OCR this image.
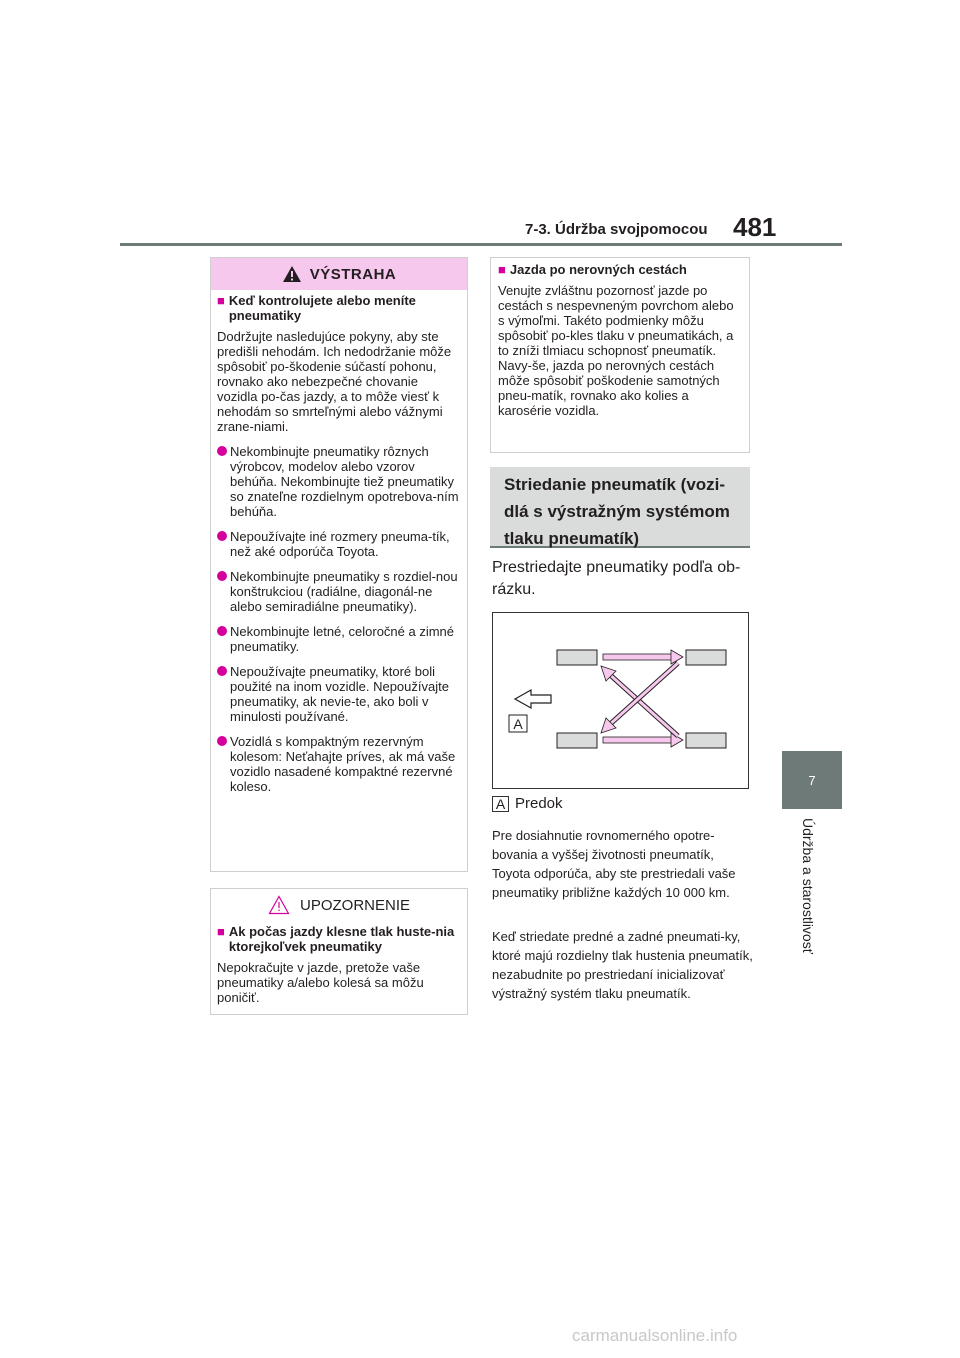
7-3. Údržba svojpomocou 481
7
Údržba a starostlivosť
VÝSTRAHA
■ Keď kontrolujete alebo meníte pneumatiky
Dodržujte nasledujúce pokyny, aby ste predišli nehodám. Ich nedodržanie môže spôsobiť po-škodenie súčastí pohonu, rovnako ako nebezpečné chovanie vozidla po-čas jazdy, a to môže viesť k nehodám so smrteľnými alebo vážnymi zrane-niami.
Nekombinujte pneumatiky rôznych výrobcov, modelov alebo vzorov behúňa. Nekombinujte tiež pneumatiky so znateľne rozdielnym opotrebova-ním behúňa.
Nepoužívajte iné rozmery pneuma-tík, než aké odporúča Toyota.
Nekombinujte pneumatiky s rozdiel-nou konštrukciou (radiálne, diagonál-ne alebo semiradiálne pneumatiky).
Nekombinujte letné, celoročné a zimné pneumatiky.
Nepoužívajte pneumatiky, ktoré boli použité na inom vozidle. Nepoužívajte pneumatiky, ak nevie-te, ako boli v minulosti používané.
Vozidlá s kompaktným rezervným kolesom: Neťahajte príves, ak má vaše vozidlo nasadené kompaktné rezervné koleso.
UPOZORNENIE
■ Ak počas jazdy klesne tlak huste-nia ktorejkoľvek pneumatiky
Nepokračujte v jazde, pretože vaše pneumatiky a/alebo kolesá sa môžu poničiť.
■ Jazda po nerovných cestách
Venujte zvláštnu pozornosť jazde po cestách s nespevneným povrchom alebo s výmoľmi. Takéto podmienky môžu spôsobiť po-kles tlaku v pneumatikách, a to zníži tlmiacu schopnosť pneumatík. Navy-še, jazda po nerovných cestách môže spôsobiť poškodenie samotných pneu-matík, rovnako ako kolies a karosérie vozidla.
Striedanie pneumatík (vozi-dlá s výstražným systémom tlaku pneumatík)
Prestriedajte pneumatiky podľa ob-rázku.
A
A Predok
Pre dosiahnutie rovnomerného opotre-bovania a vyššej životnosti pneumatík, Toyota odporúča, aby ste prestriedali vaše pneumatiky približne každých 10 000 km.
Keď striedate predné a zadné pneumati-ky, ktoré majú rozdielny tlak hustenia pneumatík, nezabudnite po prestriedaní inicializovať výstražný systém tlaku pneumatík.
carmanualsonline.info
